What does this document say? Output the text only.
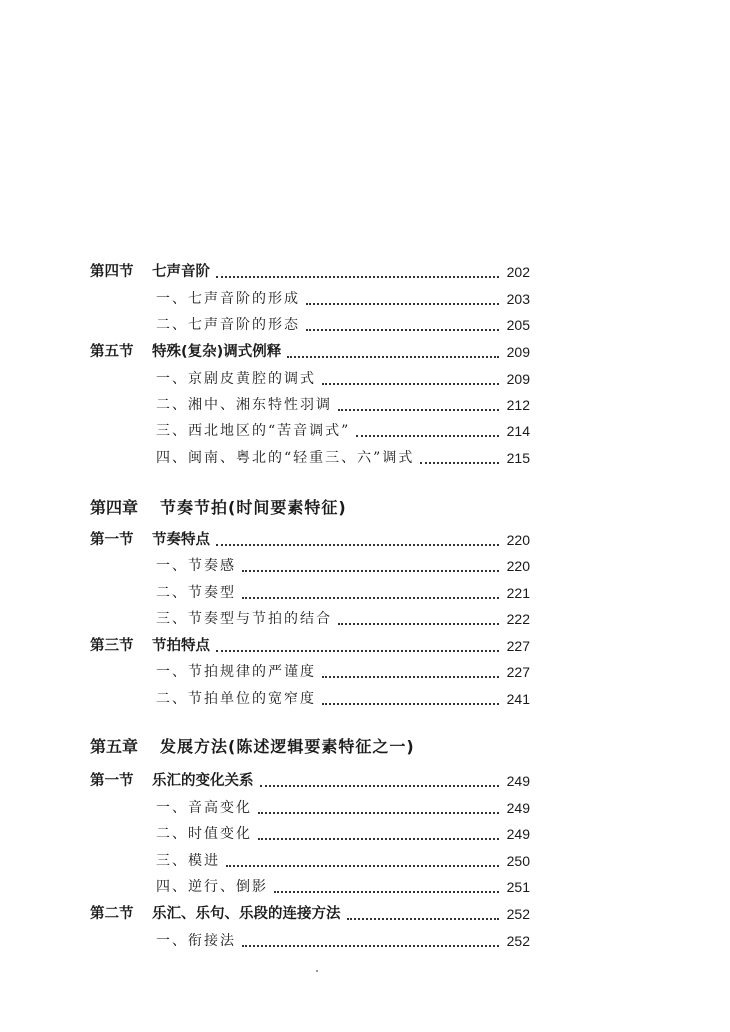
第四节 七声音阶	202
一、七声音阶的形成	203
二、七声音阶的形态	205
第五节 特殊(复杂)调式例释	209
一、京剧皮黄腔的调式	209
二、湘中、湘东特性羽调	212
三、西北地区的“苦音调式”	214
四、闽南、粤北的“轻重三、六”调式	215
第四章 节奏节拍(时间要素特征)
第一节 节奏特点	220
一、节奏感	220
二、节奏型	221
三、节奏型与节拍的结合	222
第三节 节拍特点	227
一、节拍规律的严谨度	227
二、节拍单位的宽窄度	241
第五章 发展方法(陈述逻辑要素特征之一)
第一节 乐汇的变化关系	249
一、音高变化	249
二、时值变化	249
三、模进	250
四、逆行、倒影	251
第二节 乐汇、乐句、乐段的连接方法	252
一、衔接法	252
